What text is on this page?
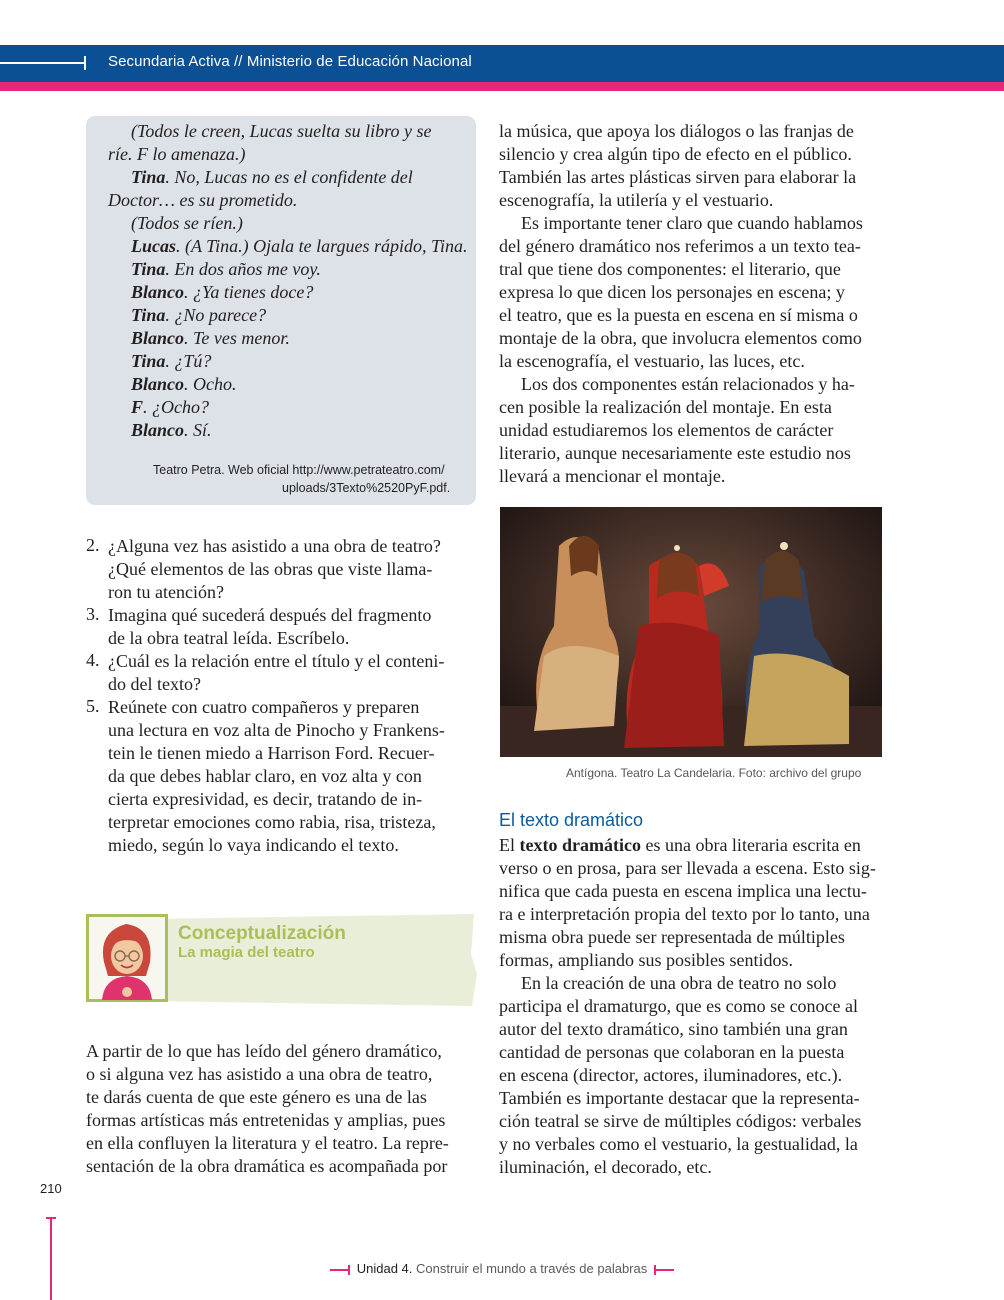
Secundaria Activa // Ministerio de Educación Nacional
(Todos le creen, Lucas suelta su libro y se
ríe. F lo amenaza.)
Tina. No, Lucas no es el confidente del
Doctor… es su prometido.
(Todos se ríen.)
Lucas. (A Tina.) Ojala te largues rápido, Tina.
Tina. En dos años me voy.
Blanco. ¿Ya tienes doce?
Tina. ¿No parece?
Blanco. Te ves menor.
Tina. ¿Tú?
Blanco. Ocho.
F. ¿Ocho?
Blanco. Sí.
Teatro Petra. Web oficial http://www.petrateatro.com/
uploads/3Texto%2520PyF.pdf.
2. ¿Alguna vez has asistido a una obra de teatro?
¿Qué elementos de las obras que viste llama-
ron tu atención?
3. Imagina qué sucederá después del fragmento
de la obra teatral leída. Escríbelo.
4. ¿Cuál es la relación entre el título y el conteni-
do del texto?
5. Reúnete con cuatro compañeros y preparen
una lectura en voz alta de Pinocho y Frankens-
tein le tienen miedo a Harrison Ford. Recuer-
da que debes hablar claro, en voz alta y con
cierta expresividad, es decir, tratando de in-
terpretar emociones como rabia, risa, tristeza,
miedo, según lo vaya indicando el texto.
Conceptualización
La magia del teatro
A partir de lo que has leído del género dramático,
o si alguna vez has asistido a una obra de teatro,
te darás cuenta de que este género es una de las
formas artísticas más entretenidas y amplias, pues
en ella confluyen la literatura y el teatro. La repre-
sentación de la obra dramática es acompañada por
la música, que apoya los diálogos o las franjas de
silencio y crea algún tipo de efecto en el público.
También las artes plásticas sirven para elaborar la
escenografía, la utilería y el vestuario.
Es importante tener claro que cuando hablamos
del género dramático nos referimos a un texto tea-
tral que tiene dos componentes: el literario, que
expresa lo que dicen los personajes en escena; y
el teatro, que es la puesta en escena en sí misma o
montaje de la obra, que involucra elementos como
la escenografía, el vestuario, las luces, etc.
Los dos componentes están relacionados y ha-
cen posible la realización del montaje. En esta
unidad estudiaremos los elementos de carácter
literario, aunque necesariamente este estudio nos
llevará a mencionar el montaje.
Antígona. Teatro La Candelaria. Foto: archivo del grupo
El texto dramático
El texto dramático es una obra literaria escrita en
verso o en prosa, para ser llevada a escena. Esto sig-
nifica que cada puesta en escena implica una lectu-
ra e interpretación propia del texto por lo tanto, una
misma obra puede ser representada de múltiples
formas, ampliando sus posibles sentidos.
En la creación de una obra de teatro no solo
participa el dramaturgo, que es como se conoce al
autor del texto dramático, sino también una gran
cantidad de personas que colaboran en la puesta
en escena (director, actores, iluminadores, etc.).
También es importante destacar que la representa-
ción teatral se sirve de múltiples códigos: verbales
y no verbales como el vestuario, la gestualidad, la
iluminación, el decorado, etc.
210
Unidad 4. Construir el mundo a través de palabras
